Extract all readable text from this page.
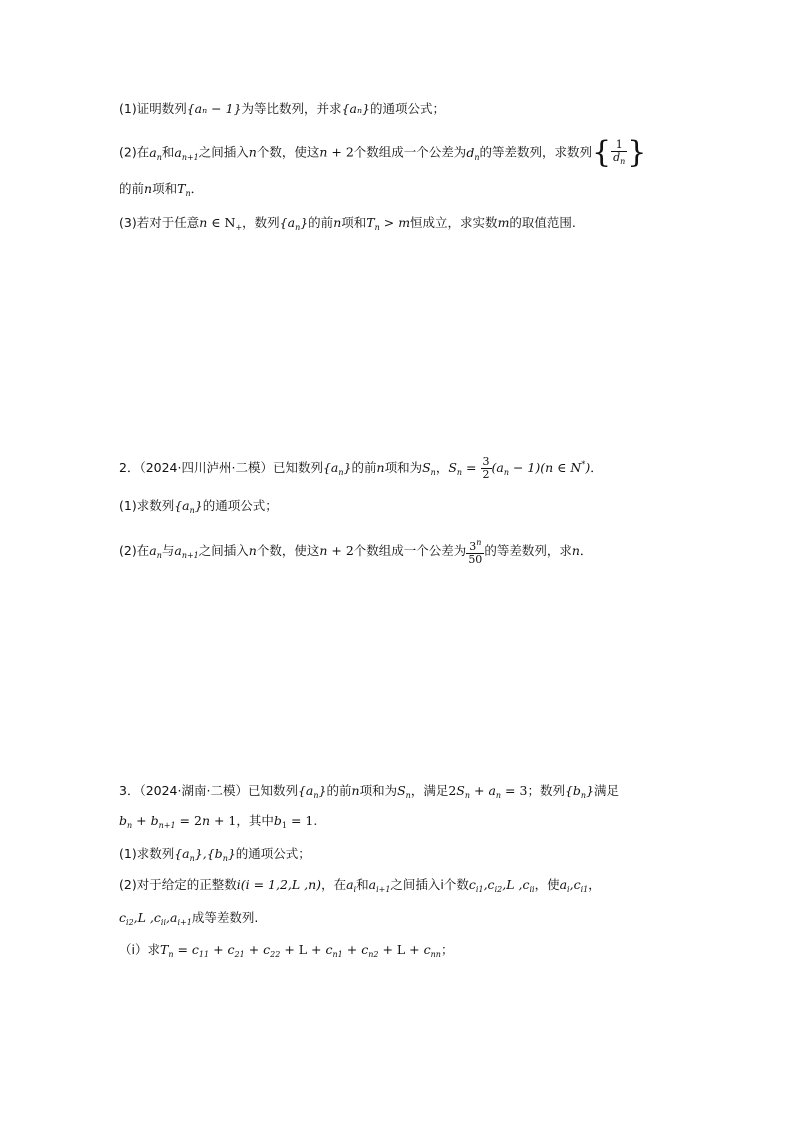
(1)证明数列{aₙ − 1}为等比数列，并求{aₙ}的通项公式；
(2)在$a_n$和$a_{n+1}$之间插入n个数，使这n + 2个数组成一个公差为$d_n$的等差数列，求数列{ $\frac{1}{d_n}$ }
的前n项和$T_n$．
(3)若对于任意n ∈ $N_+$，数列$\{a_n\}$的前n项和$T_n > m$恒成立，求实数m的取值范围.
2．（2024·四川泸州·二模）已知数列$\{a_n\}$的前n项和为$S_n$，$S_n = \frac{3}{2} (a_n - 1)(n$ ∈ N*)．
(1)求数列$\{a_n\}$的通项公式；
(2)在$a_n$与$a_{n+1}$之间插入n个数，使这n + 2个数组成一个公差为 $\frac{3^n}{50}$ 的等差数列，求n．
3．（2024·湖南·二模）已知数列$\{a_n\}$的前n项和为$S_n$，满足$2S_n + a_n = 3$；数列$\{b_n\}$满足
$b_n + b_{n+1} = 2n + 1$，其中$b_1 = 1$.
(1)求数列$\{a_n\},\{b_n\}$的通项公式；
(2)对于给定的正整数i(i = 1,2,L ,n)，在$a_i$和$a_{i+1}$之间插入i个数$c_{i1},c_{i2},L$ $,c_{ii}$，使$a_i,c_{i1}$，
$c_{i2},L$ $,c_{ii},a_{i+1}$成等差数列.
（i）求$T_n = c_{11} + c_{21} + c_{22} + L + c_{n1} + c_{n2} + L + c_{nn}$；
